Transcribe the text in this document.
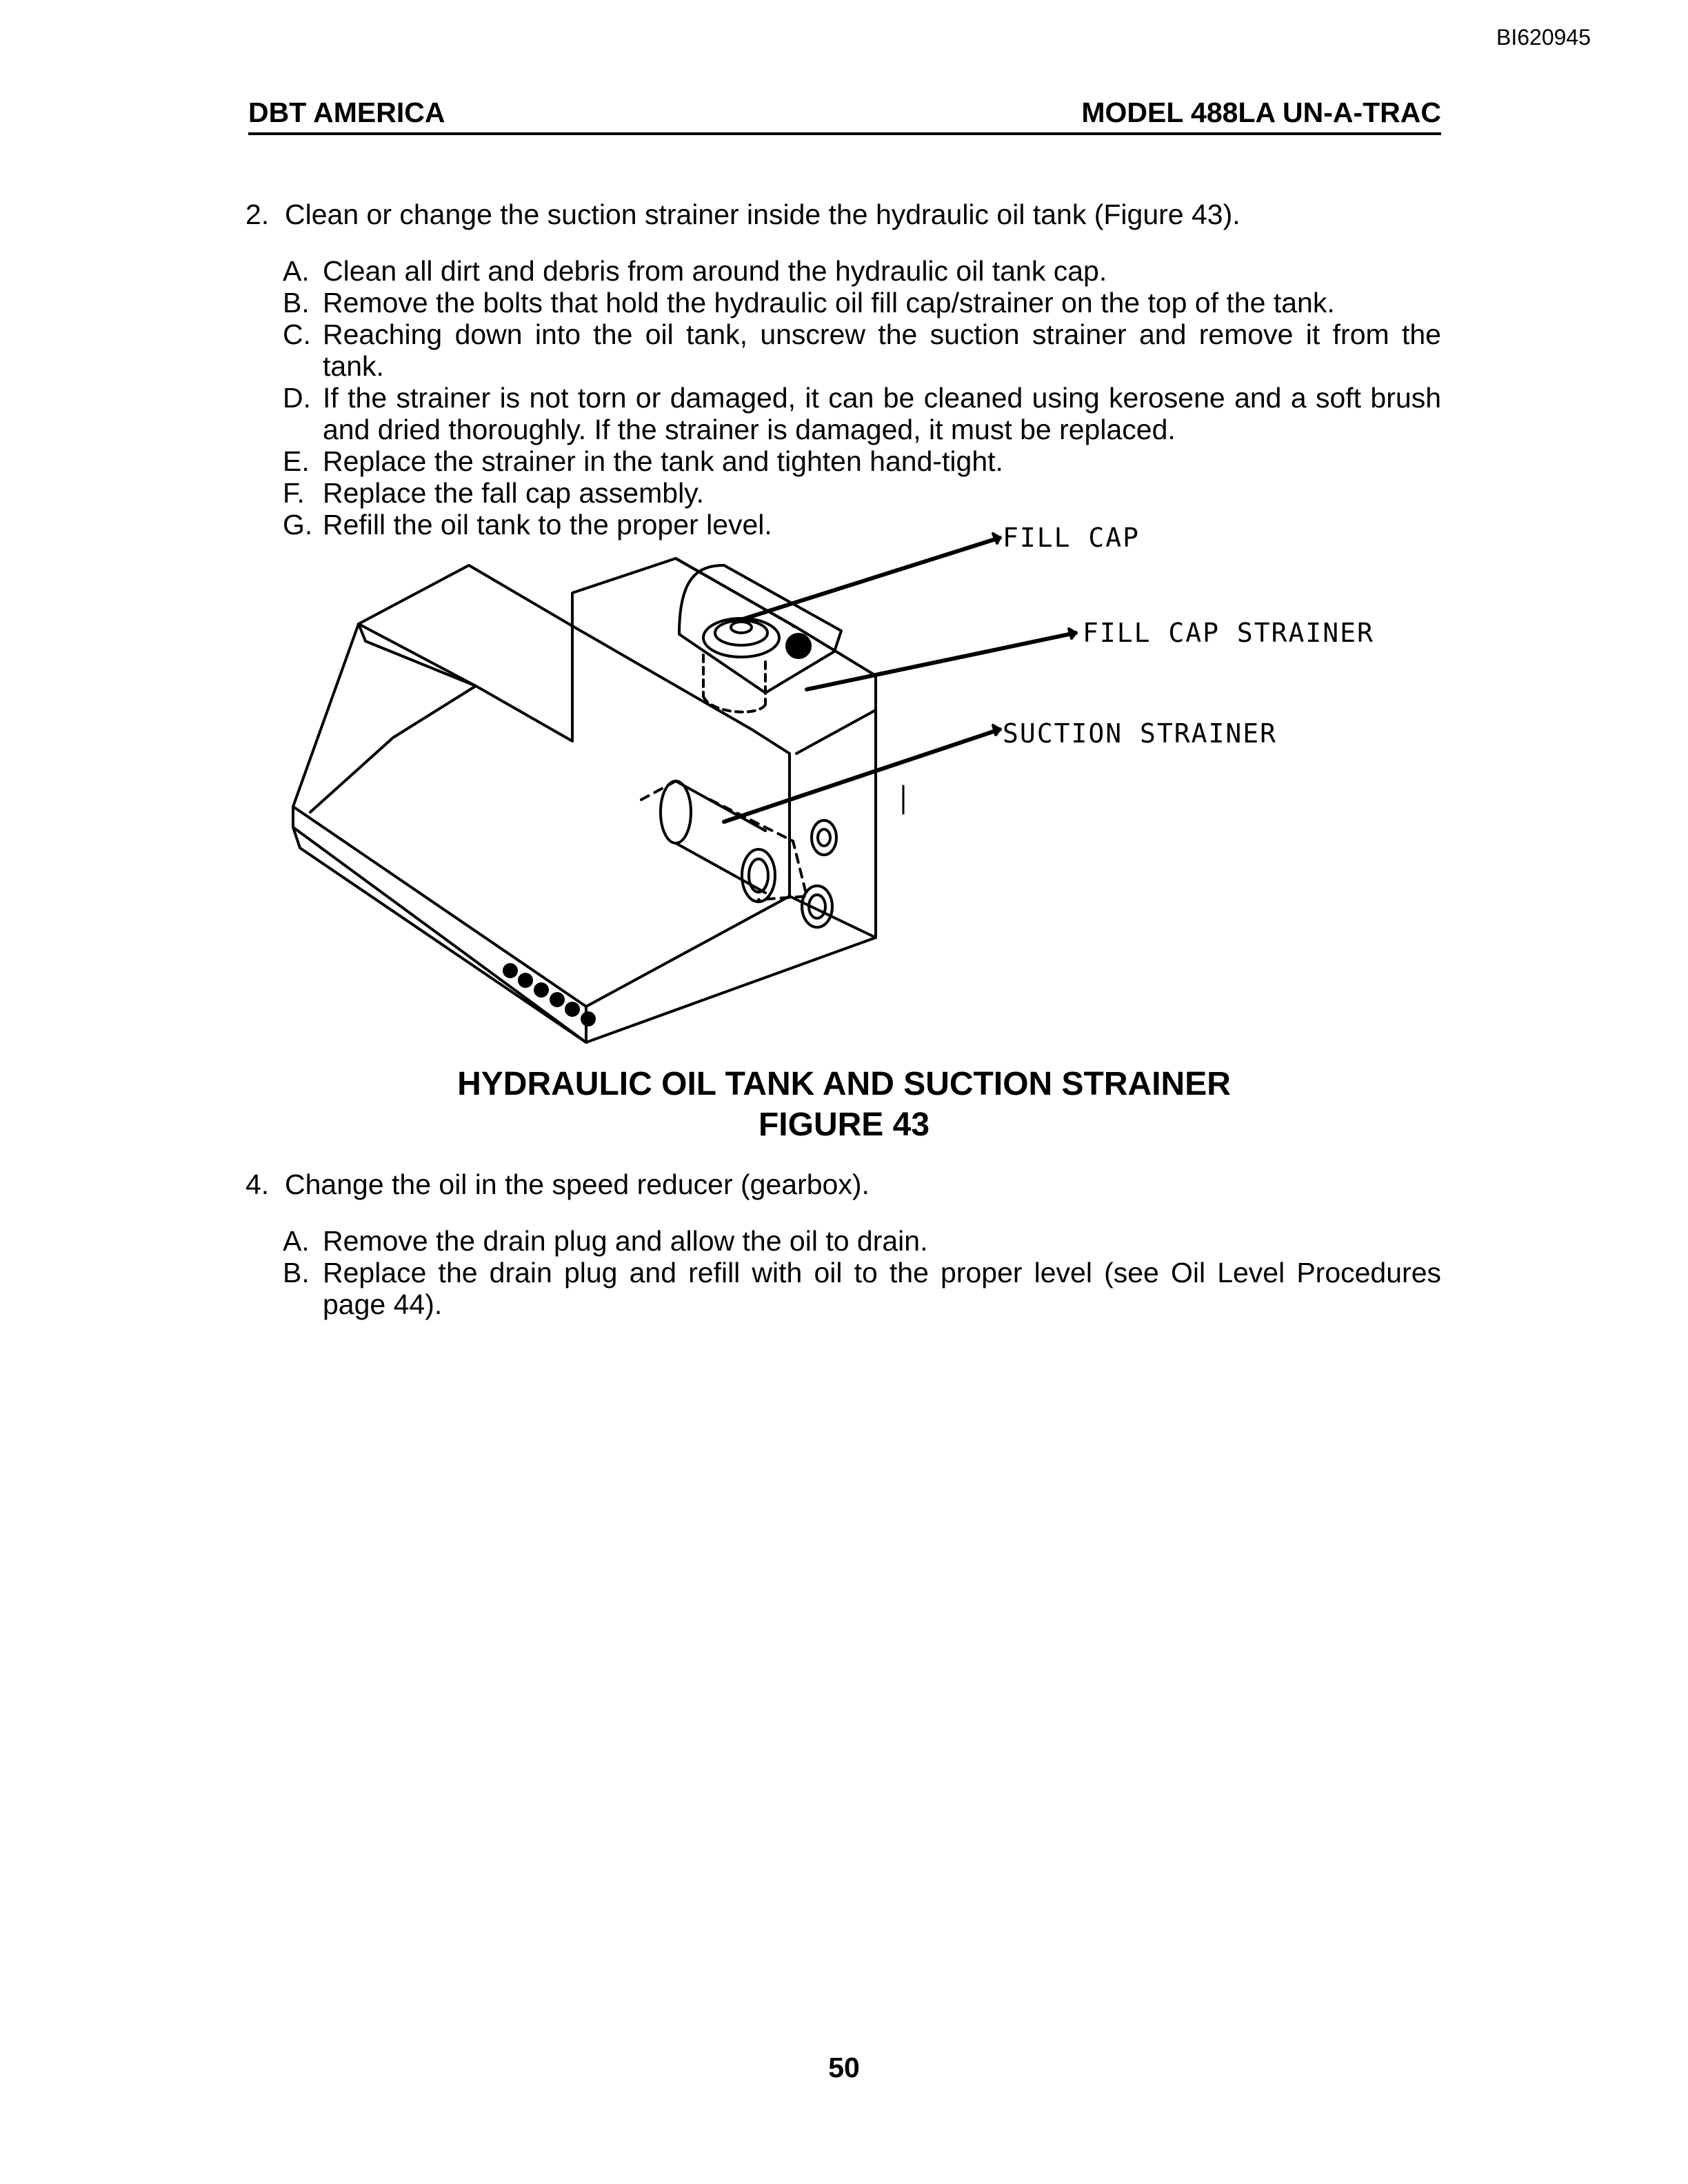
BI620945
DBT AMERICA	MODEL 488LA UN-A-TRAC
2. Clean or change the suction strainer inside the hydraulic oil tank (Figure 43).
A. Clean all dirt and debris from around the hydraulic oil tank cap.
B. Remove the bolts that hold the hydraulic oil fill cap/strainer on the top of the tank.
C. Reaching down into the oil tank, unscrew the suction strainer and remove it from the tank.
D. If the strainer is not torn or damaged, it can be cleaned using kerosene and a soft brush and dried thoroughly. If the strainer is damaged, it must be replaced.
E. Replace the strainer in the tank and tighten hand-tight.
F. Replace the fall cap assembly.
G. Refill the oil tank to the proper level.	FILL CAP
FILL CAP STRAINER
SUCTION STRAINER
HYDRAULIC OIL TANK AND SUCTION STRAINER
FIGURE 43
4. Change the oil in the speed reducer (gearbox).
A. Remove the drain plug and allow the oil to drain.
B. Replace the drain plug and refill with oil to the proper level (see Oil Level Procedures page 44).
50
